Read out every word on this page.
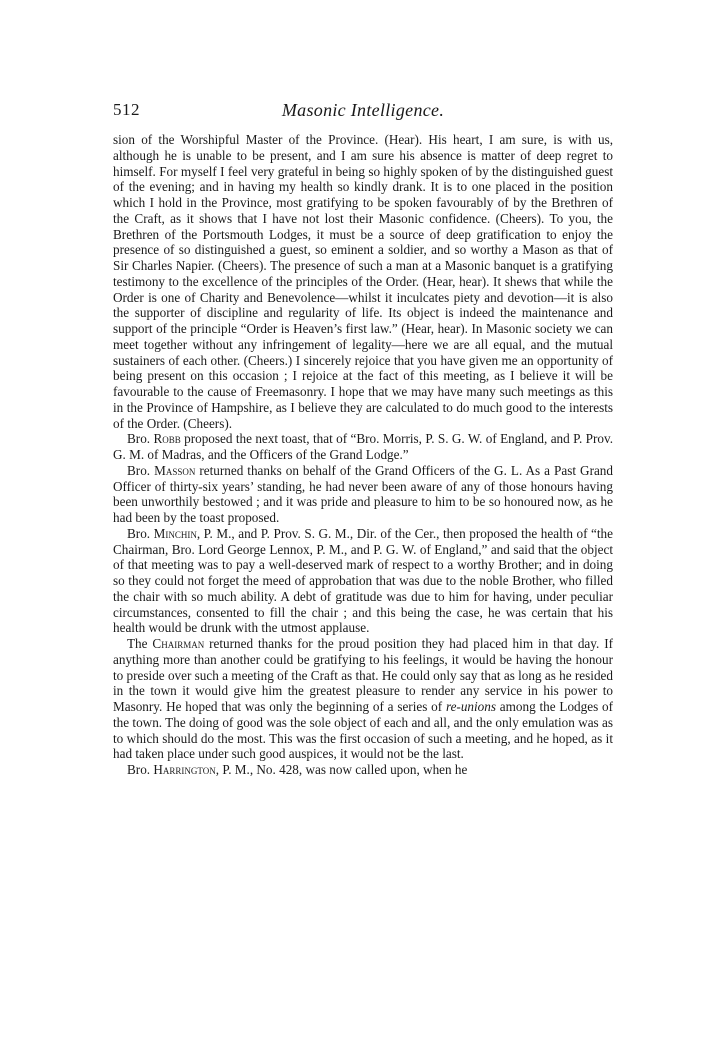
512	Masonic Intelligence.

sion of the Worshipful Master of the Province. (Hear). His heart, I am sure, is with us, although he is unable to be present, and I am sure his absence is matter of deep regret to himself. For myself I feel very grateful in being so highly spoken of by the distinguished guest of the evening; and in having my health so kindly drank. It is to one placed in the position which I hold in the Province, most gratifying to be spoken favourably of by the Brethren of the Craft, as it shows that I have not lost their Masonic confidence. (Cheers). To you, the Brethren of the Portsmouth Lodges, it must be a source of deep gratification to enjoy the presence of so distinguished a guest, so eminent a soldier, and so worthy a Mason as that of Sir Charles Napier. (Cheers). The presence of such a man at a Masonic banquet is a gratifying testimony to the excellence of the principles of the Order. (Hear, hear). It shews that while the Order is one of Charity and Benevolence—whilst it inculcates piety and devotion—it is also the supporter of discipline and regularity of life. Its object is indeed the maintenance and support of the principle “Order is Heaven’s first law.” (Hear, hear). In Masonic society we can meet together without any infringement of legality—here we are all equal, and the mutual sustainers of each other. (Cheers.) I sincerely rejoice that you have given me an opportunity of being present on this occasion ; I rejoice at the fact of this meeting, as I believe it will be favourable to the cause of Freemasonry. I hope that we may have many such meetings as this in the Province of Hampshire, as I believe they are calculated to do much good to the interests of the Order. (Cheers).

Bro. Robb proposed the next toast, that of “Bro. Morris, P. S. G. W. of England, and P. Prov. G. M. of Madras, and the Officers of the Grand Lodge.”

Bro. Masson returned thanks on behalf of the Grand Officers of the G. L. As a Past Grand Officer of thirty-six years’ standing, he had never been aware of any of those honours having been unworthily bestowed ; and it was pride and pleasure to him to be so honoured now, as he had been by the toast proposed.

Bro. Minchin, P. M., and P. Prov. S. G. M., Dir. of the Cer., then proposed the health of “the Chairman, Bro. Lord George Lennox, P. M., and P. G. W. of England,” and said that the object of that meeting was to pay a well-deserved mark of respect to a worthy Brother; and in doing so they could not forget the meed of approbation that was due to the noble Brother, who filled the chair with so much ability. A debt of gratitude was due to him for having, under peculiar circumstances, consented to fill the chair ; and this being the case, he was certain that his health would be drunk with the utmost applause.

The Chairman returned thanks for the proud position they had placed him in that day. If anything more than another could be gratifying to his feelings, it would be having the honour to preside over such a meeting of the Craft as that. He could only say that as long as he resided in the town it would give him the greatest pleasure to render any service in his power to Masonry. He hoped that was only the beginning of a series of re-unions among the Lodges of the town. The doing of good was the sole object of each and all, and the only emulation was as to which should do the most. This was the first occasion of such a meeting, and he hoped, as it had taken place under such good auspices, it would not be the last.

Bro. Harrington, P. M., No. 428, was now called upon, when he
